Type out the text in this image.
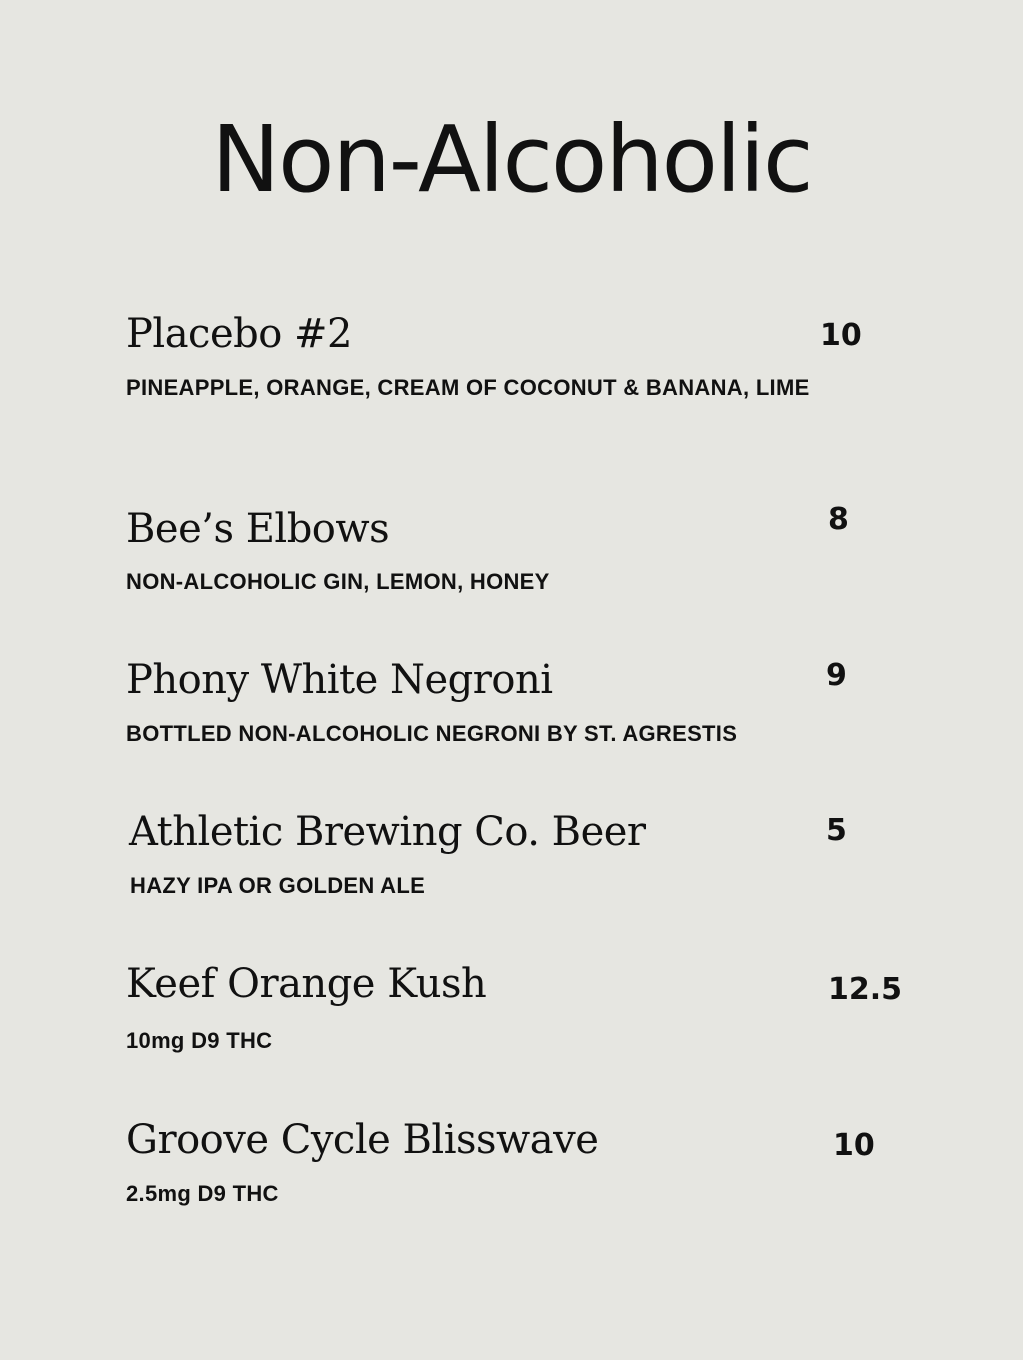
Non-Alcoholic
Placebo #2	10
PINEAPPLE, ORANGE, CREAM OF COCONUT & BANANA, LIME
Bee’s Elbows	8
NON-ALCOHOLIC GIN, LEMON, HONEY
Phony White Negroni	9
BOTTLED NON-ALCOHOLIC NEGRONI BY ST. AGRESTIS
Athletic Brewing Co. Beer	5
HAZY IPA OR GOLDEN ALE
Keef Orange Kush	12.5
10mg D9 THC
Groove Cycle Blisswave	10
2.5mg D9 THC
